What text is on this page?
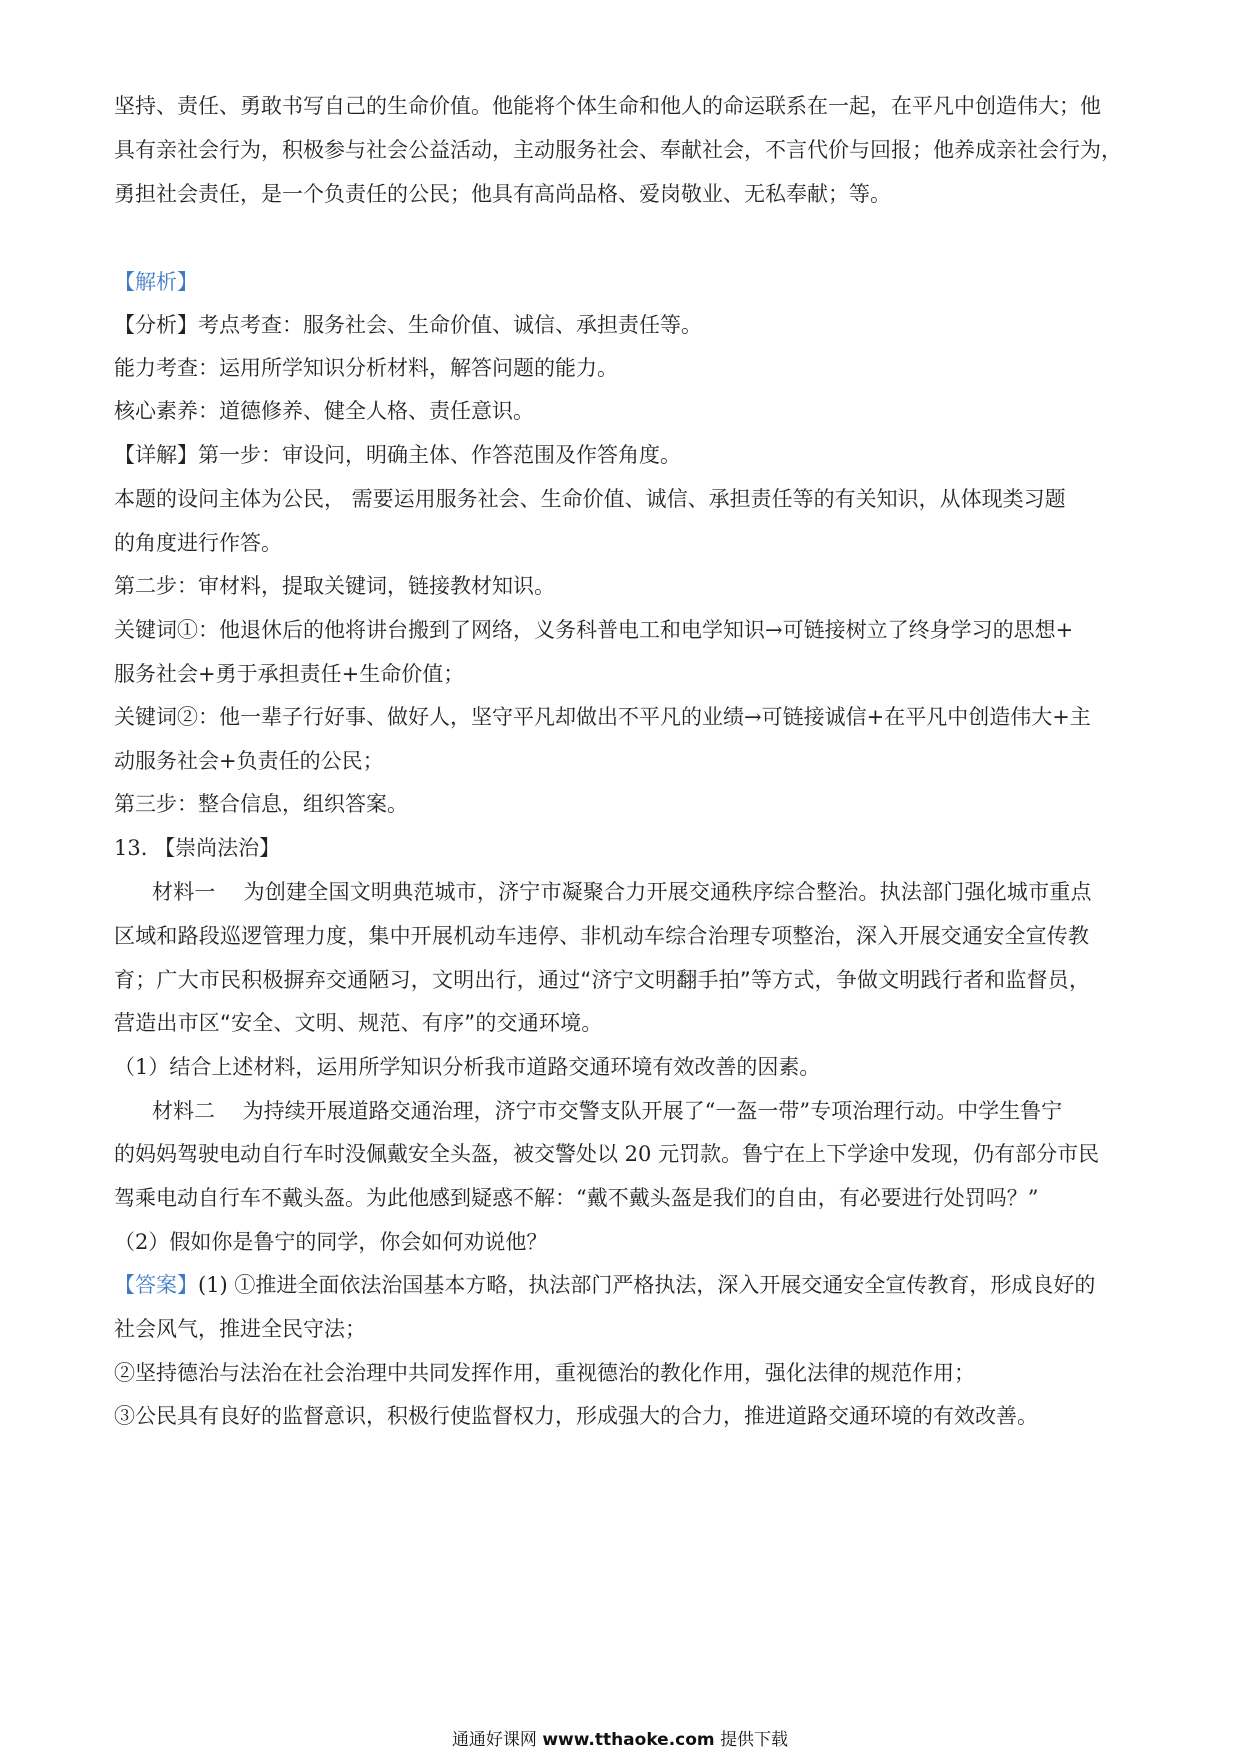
坚持、责任、勇敢书写自己的生命价值。他能将个体生命和他人的命运联系在一起，在平凡中创造伟大；他
具有亲社会行为，积极参与社会公益活动，主动服务社会、奉献社会，不言代价与回报；他养成亲社会行为，
勇担社会责任，是一个负责任的公民；他具有高尚品格、爱岗敬业、无私奉献；等。
【解析】
【分析】考点考查：服务社会、生命价值、诚信、承担责任等。
能力考查：运用所学知识分析材料，解答问题的能力。
核心素养：道德修养、健全人格、责任意识。
【详解】第一步：审设问，明确主体、作答范围及作答角度。
本题的设问主体为公民， 需要运用服务社会、生命价值、诚信、承担责任等的有关知识，从体现类习题
的角度进行作答。
第二步：审材料，提取关键词，链接教材知识。
关键词①：他退休后的他将讲台搬到了网络，义务科普电工和电学知识→可链接树立了终身学习的思想+
服务社会+勇于承担责任+生命价值；
关键词②：他一辈子行好事、做好人，坚守平凡却做出不平凡的业绩→可链接诚信+在平凡中创造伟大+主
动服务社会+负责任的公民；
第三步：整合信息，组织答案。
13. 【崇尚法治】
材料一　 为创建全国文明典范城市，济宁市凝聚合力开展交通秩序综合整治。执法部门强化城市重点
区域和路段巡逻管理力度，集中开展机动车违停、非机动车综合治理专项整治，深入开展交通安全宣传教
育；广大市民积极摒弃交通陋习，文明出行，通过“济宁文明翻手拍”等方式，争做文明践行者和监督员，
营造出市区“安全、文明、规范、有序”的交通环境。
（1）结合上述材料，运用所学知识分析我市道路交通环境有效改善的因素。
材料二　 为持续开展道路交通治理，济宁市交警支队开展了“一盔一带”专项治理行动。中学生鲁宁
的妈妈驾驶电动自行车时没佩戴安全头盔，被交警处以 20 元罚款。鲁宁在上下学途中发现，仍有部分市民
驾乘电动自行车不戴头盔。为此他感到疑惑不解：“戴不戴头盔是我们的自由，有必要进行处罚吗？”
（2）假如你是鲁宁的同学，你会如何劝说他？
【答案】(1) ①推进全面依法治国基本方略，执法部门严格执法，深入开展交通安全宣传教育，形成良好的
社会风气，推进全民守法；
②坚持德治与法治在社会治理中共同发挥作用，重视德治的教化作用，强化法律的规范作用；
③公民具有良好的监督意识，积极行使监督权力，形成强大的合力，推进道路交通环境的有效改善。
通通好课网 www.tthaoke.com 提供下载
